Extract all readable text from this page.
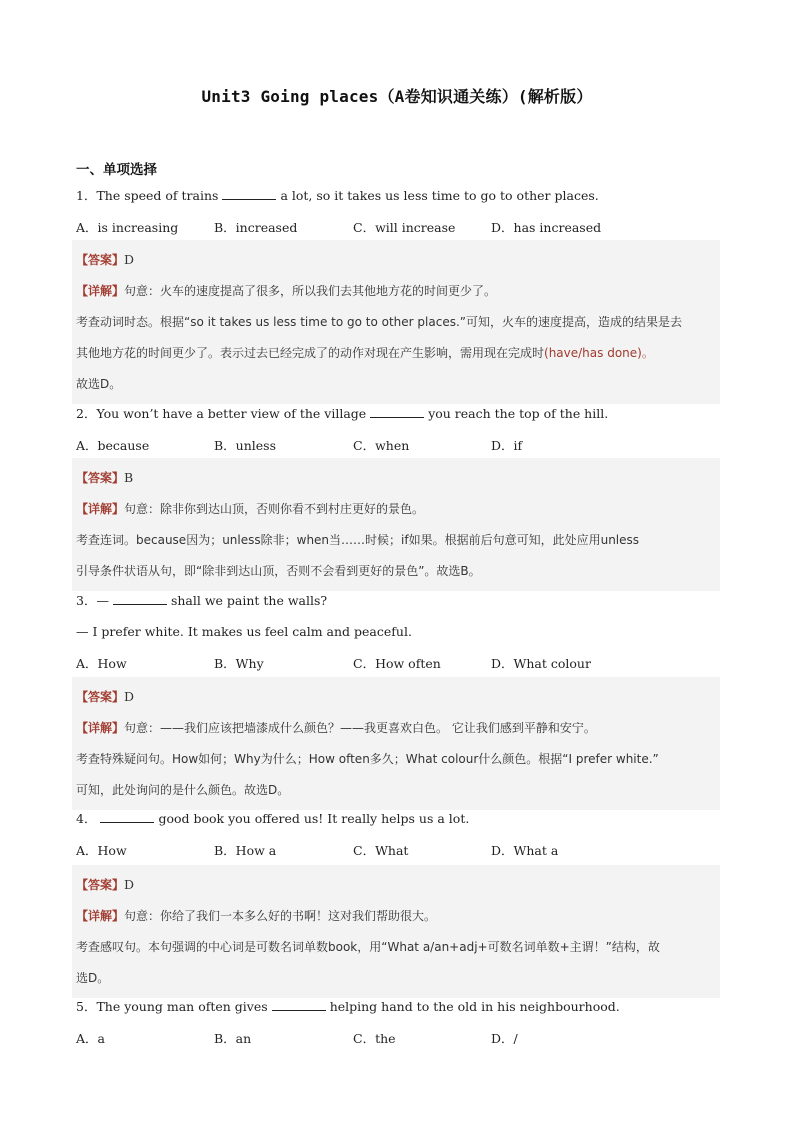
Unit3 Going places（A卷知识通关练）(解析版）
一、单项选择
1．The speed of trains	a lot, so it takes us less time to go to other places.
A．is increasing	B．increased	C．will increase	D．has increased
【答案】D
【详解】句意：火车的速度提高了很多，所以我们去其他地方花的时间更少了。
考查动词时态。根据“so it takes us less time to go to other places.”可知，火车的速度提高，造成的结果是去
其他地方花的时间更少了。表示过去已经完成了的动作对现在产生影响，需用现在完成时(have/has done)。
故选D。
2．You won’t have a better view of the village	you reach the top of the hill.
A．because	B．unless	C．when	D．if
【答案】B
【详解】句意：除非你到达山顶，否则你看不到村庄更好的景色。
考查连词。because因为；unless除非；when当……时候；if如果。根据前后句意可知，此处应用unless
引导条件状语从句，即“除非到达山顶，否则不会看到更好的景色”。故选B。
3．—	shall we paint the walls?
— I prefer white. It makes us feel calm and peaceful.
A．How	B．Why	C．How often	D．What colour
【答案】D
【详解】句意：——我们应该把墙漆成什么颜色？——我更喜欢白色。 它让我们感到平静和安宁。
考查特殊疑问句。How如何；Why为什么；How often多久；What colour什么颜色。根据“I prefer white.”
可知，此处询问的是什么颜色。故选D。
4．	good book you offered us! It really helps us a lot.
A．How	B．How a	C．What	D．What a
【答案】D
【详解】句意：你给了我们一本多么好的书啊！这对我们帮助很大。
考查感叹句。本句强调的中心词是可数名词单数book，用“What a/an+adj+可数名词单数+主谓！”结构，故
选D。
5．The young man often gives	helping hand to the old in his neighbourhood.
A．a	B．an	C．the	D．/
